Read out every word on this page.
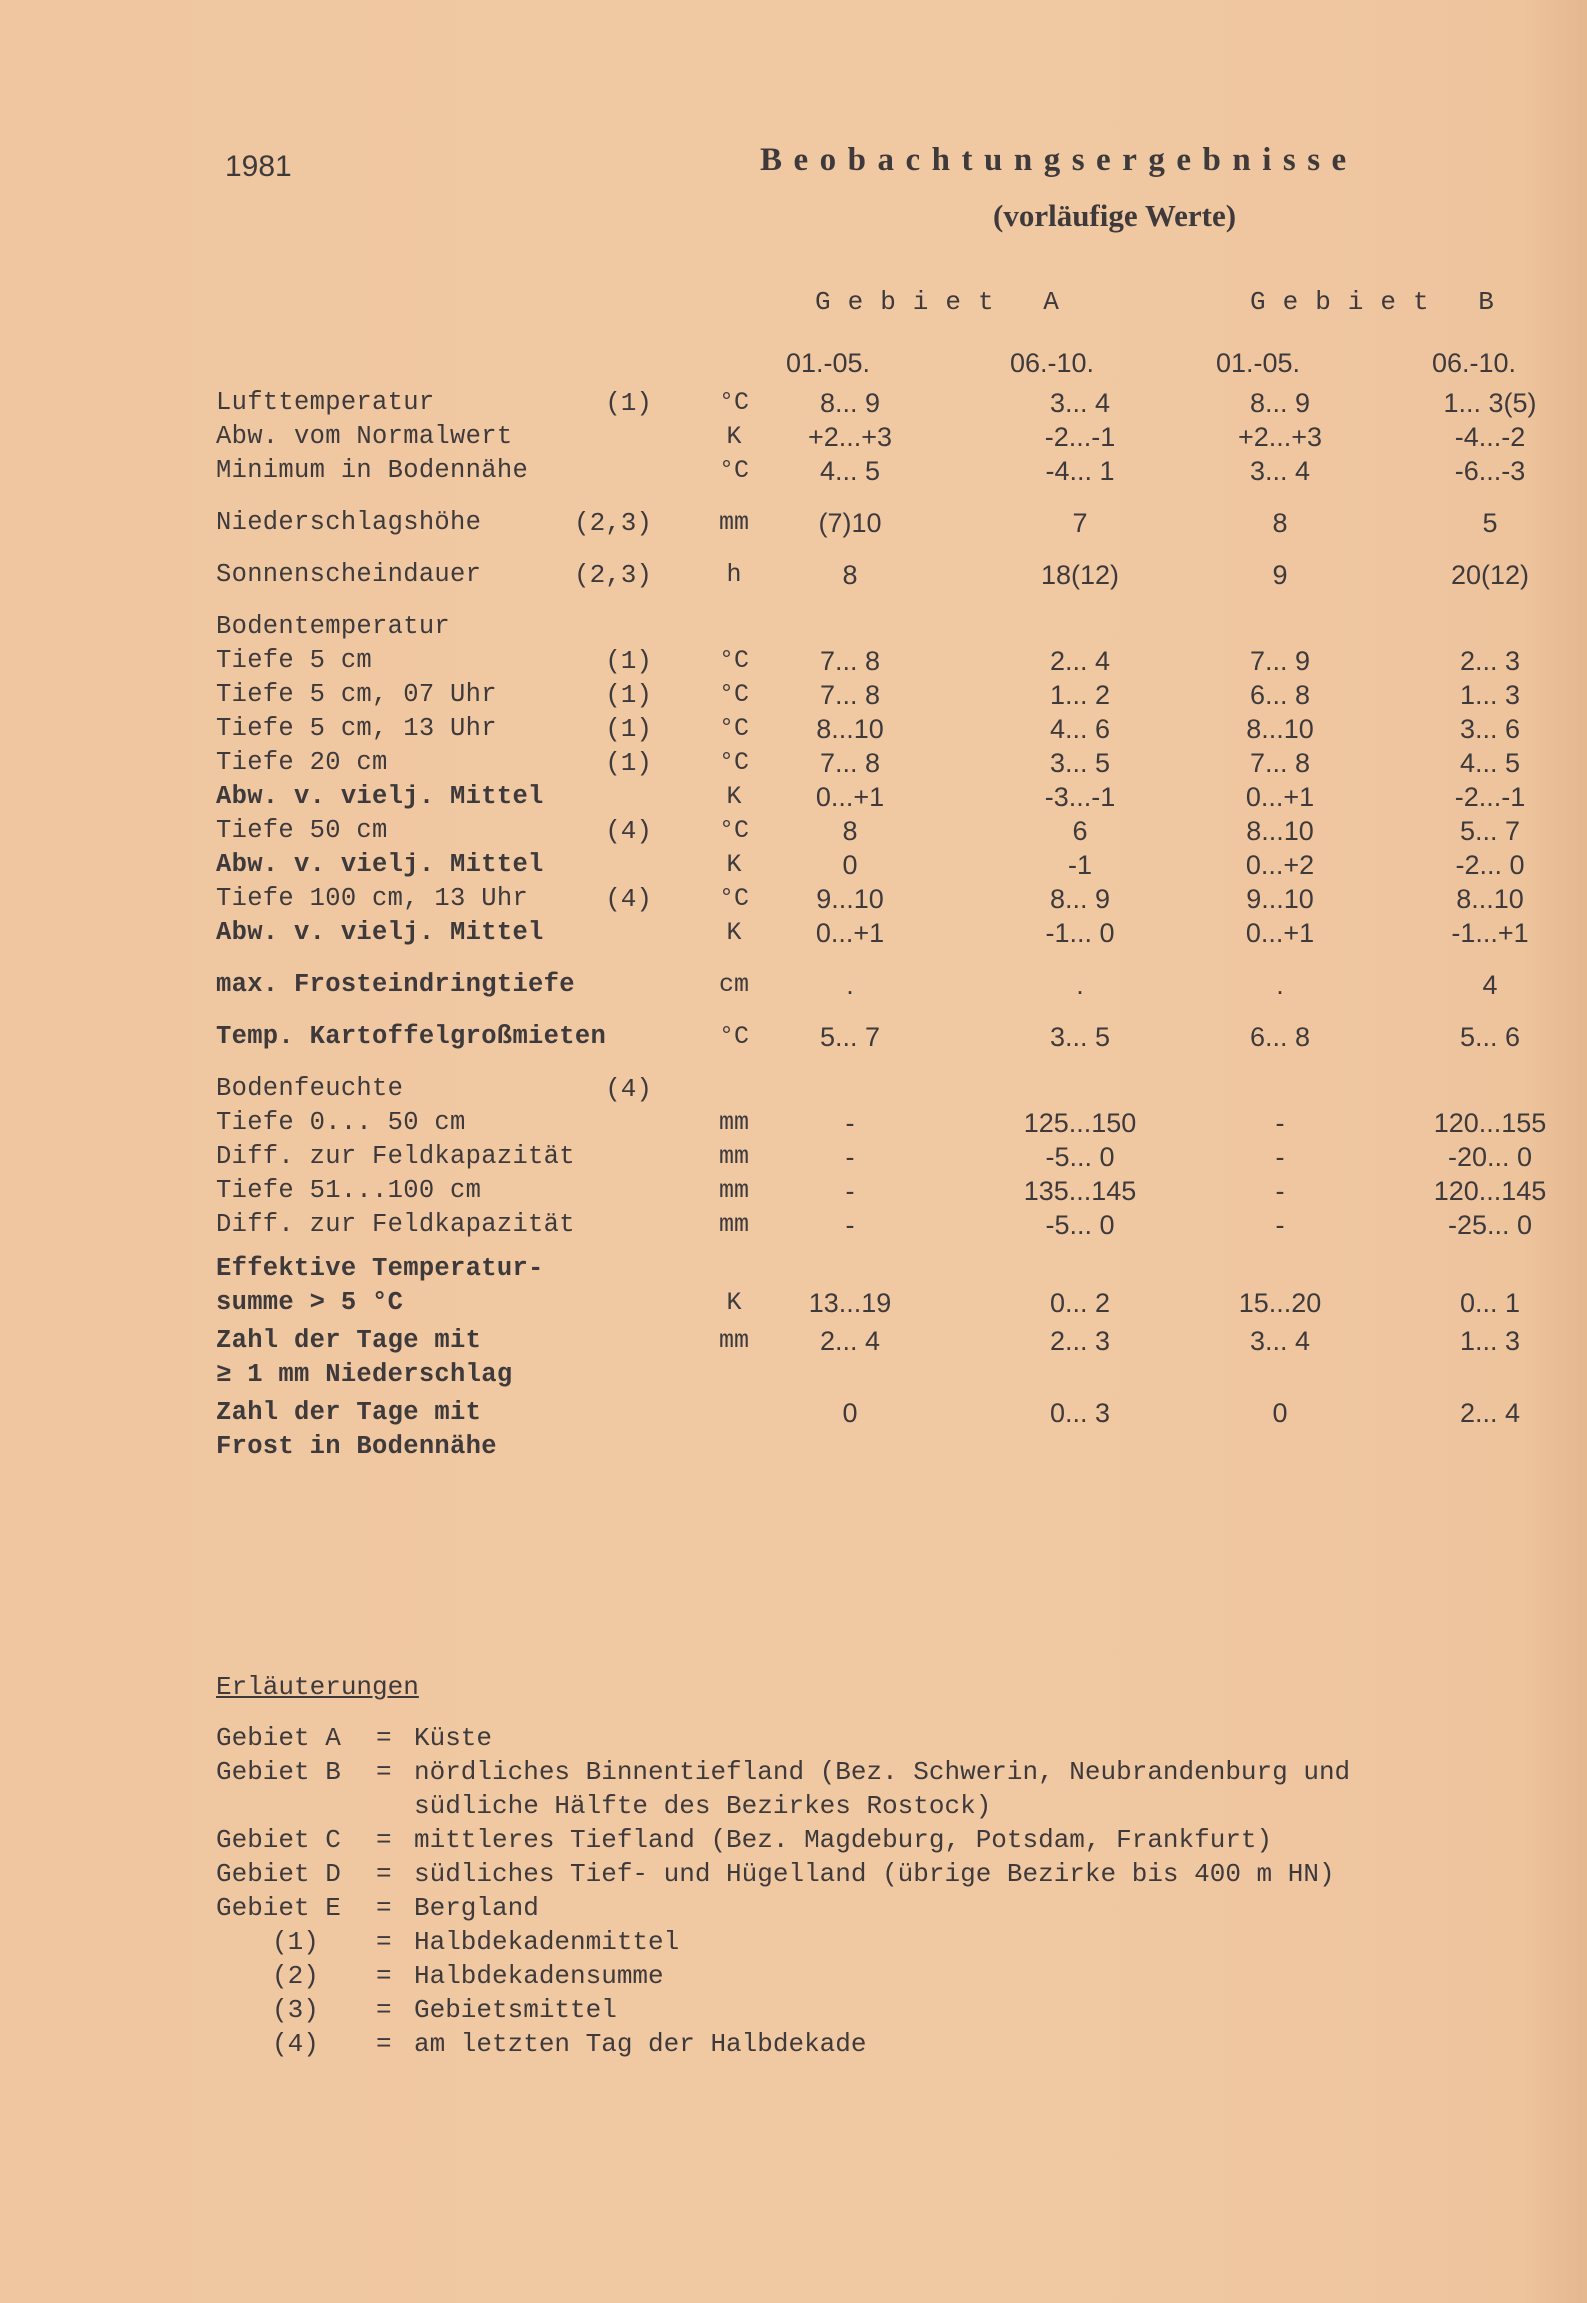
1981	Beobachtungsergebnisse
(vorläufige Werte)
Gebiet A	Gebiet B
01.-05.	06.-10.	01.-05.	06.-10.
Lufttemperatur	(1)	°C	8... 9	3... 4	8... 9	1... 3(5)
Abw. vom Normalwert	K	+2...+3	-2...-1	+2...+3	-4...-2
Minimum in Bodennähe	°C	4... 5	-4... 1	3... 4	-6...-3
Niederschlagshöhe	(2,3)	mm	(7)10	7	8	5
Sonnenscheindauer	(2,3)	h	8	18(12)	9	20(12)
Bodentemperatur
Tiefe 5 cm	(1)	°C	7... 8	2... 4	7... 9	2... 3
Tiefe 5 cm, 07 Uhr	(1)	°C	7... 8	1... 2	6... 8	1... 3
Tiefe 5 cm, 13 Uhr	(1)	°C	8...10	4... 6	8...10	3... 6
Tiefe 20 cm	(1)	°C	7... 8	3... 5	7... 8	4... 5
Abw. v. vielj. Mittel	K	0...+1	-3...-1	0...+1	-2...-1
Tiefe 50 cm	(4)	°C	8	6	8...10	5... 7
Abw. v. vielj. Mittel	K	0	-1	0...+2	-2... 0
Tiefe 100 cm, 13 Uhr	(4)	°C	9...10	8... 9	9...10	8...10
Abw. v. vielj. Mittel	K	0...+1	-1... 0	0...+1	-1...+1
max. Frosteindringtiefe	cm	.	.	.	4
Temp. Kartoffelgroßmieten	°C	5... 7	3... 5	6... 8	5... 6
Bodenfeuchte	(4)
Tiefe 0... 50 cm	mm	-	125...150	-	120...155
Diff. zur Feldkapazität	mm	-	-5... 0	-	-20... 0
Tiefe 51...100 cm	mm	-	135...145	-	120...145
Diff. zur Feldkapazität	mm	-	-5... 0	-	-25... 0
Effektive Temperatur-
summe > 5 °C	K	13...19	0... 2	15...20	0... 1
Zahl der Tage mit	mm	2... 4	2... 3	3... 4	1... 3
≥ 1 mm Niederschlag
Zahl der Tage mit	0	0... 3	0	2... 4
Frost in Bodennähe
Erläuterungen
Gebiet A = Küste
Gebiet B = nördliches Binnentiefland (Bez. Schwerin, Neubrandenburg und
südliche Hälfte des Bezirkes Rostock)
Gebiet C = mittleres Tiefland (Bez. Magdeburg, Potsdam, Frankfurt)
Gebiet D = südliches Tief- und Hügelland (übrige Bezirke bis 400 m HN)
Gebiet E = Bergland
(1) = Halbdekadenmittel
(2) = Halbdekadensumme
(3) = Gebietsmittel
(4) = am letzten Tag der Halbdekade
